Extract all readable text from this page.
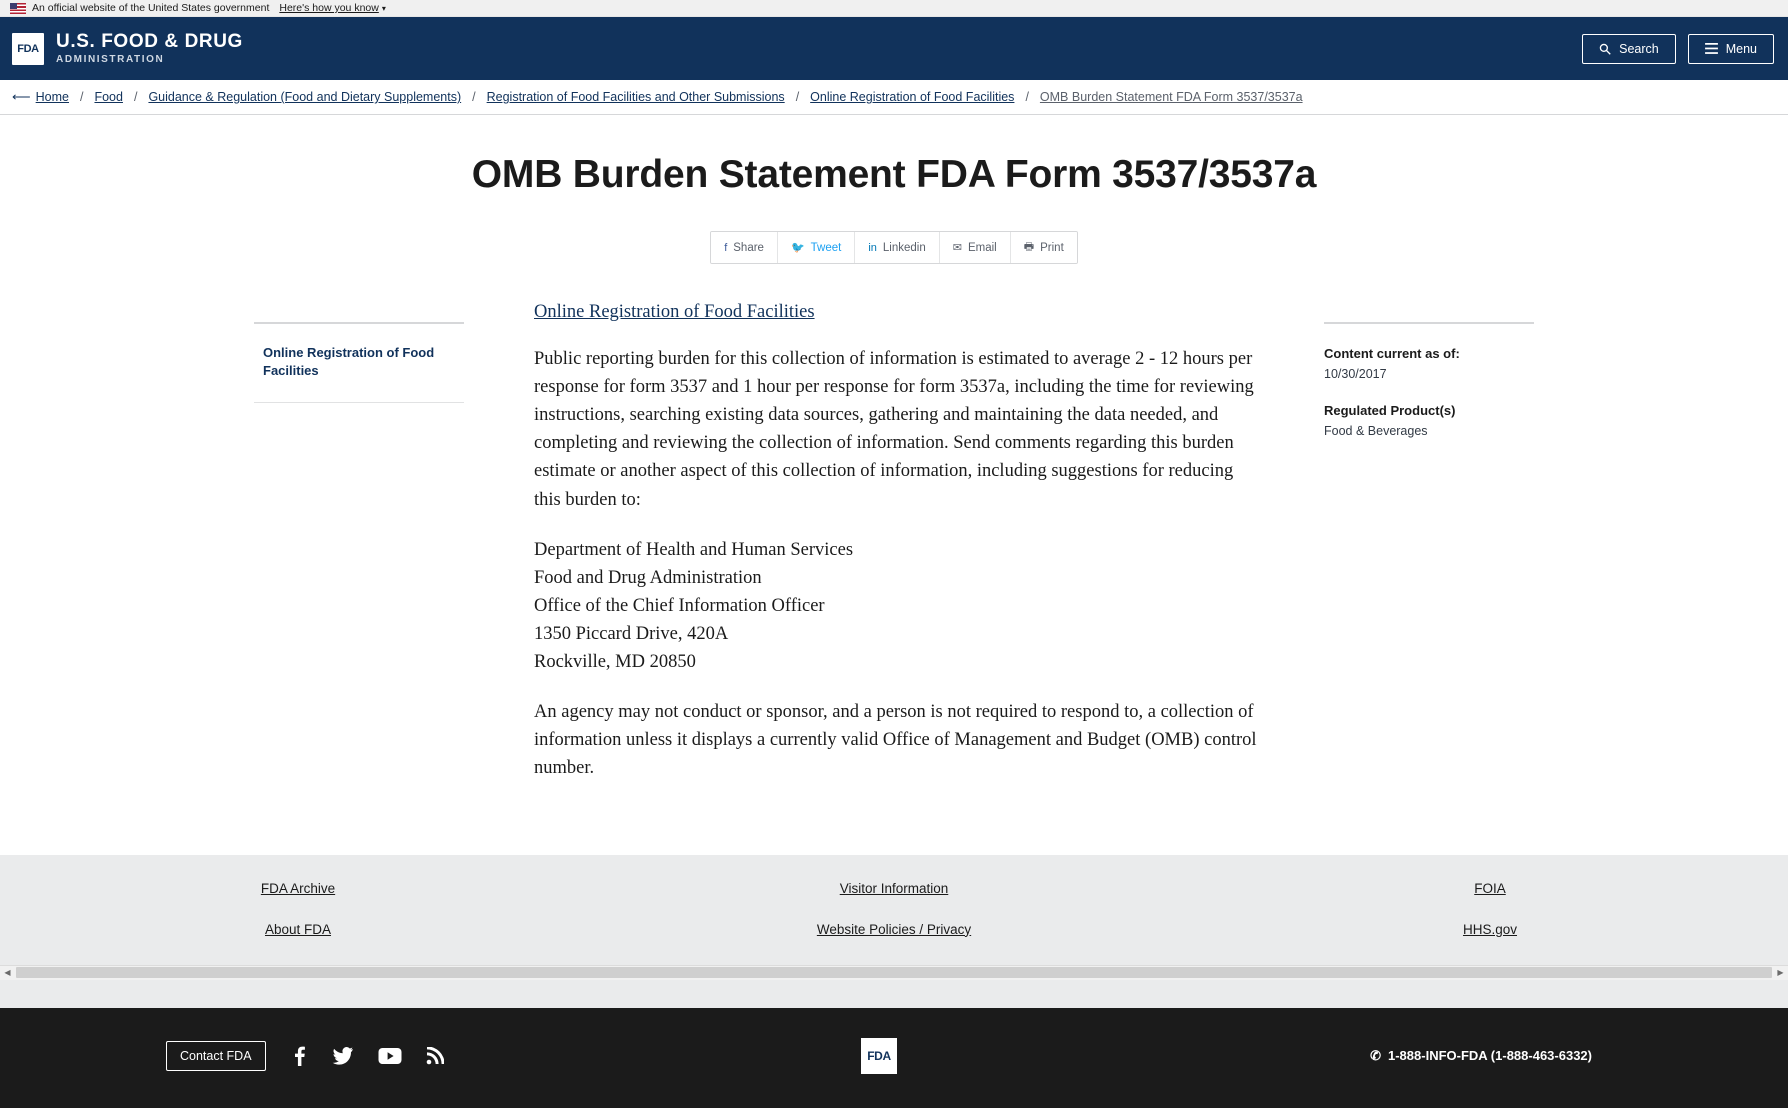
An official website of the United States government Here's how you know ▾
FDA U.S. FOOD & DRUG
ADMINISTRATION
Search	Menu
⟵ Home / Food / Guidance & Regulation (Food and Dietary Supplements) / Registration of Food Facilities and Other Submissions / Online Registration of Food Facilities / OMB Burden Statement FDA Form 3537/3537a
OMB Burden Statement FDA Form 3537/3537a
f Share 🐦 Tweet in Linkedin ✉ Email 🖶 Print
Online Registration of Food Facilities
Online Registration of Food Facilities

Public reporting burden for this collection of information is estimated to average 2 - 12 hours per response for form 3537 and 1 hour per response for form 3537a, including the time for reviewing instructions, searching existing data sources, gathering and maintaining the data needed, and completing and reviewing the collection of information. Send comments regarding this burden estimate or another aspect of this collection of information, including suggestions for reducing this burden to:

Department of Health and Human Services
Food and Drug Administration
Office of the Chief Information Officer
1350 Piccard Drive, 420A
Rockville, MD 20850

An agency may not conduct or sponsor, and a person is not required to respond to, a collection of information unless it displays a currently valid Office of Management and Budget (OMB) control number.

Content current as of:
10/30/2017
Regulated Product(s)
Food & Beverages
FDA Archive	Visitor Information	FOIA
About FDA	Website Policies / Privacy	HHS.gov
◀	▶
Contact FDA	FDA	✆ 1-888-INFO-FDA (1-888-463-6332)
